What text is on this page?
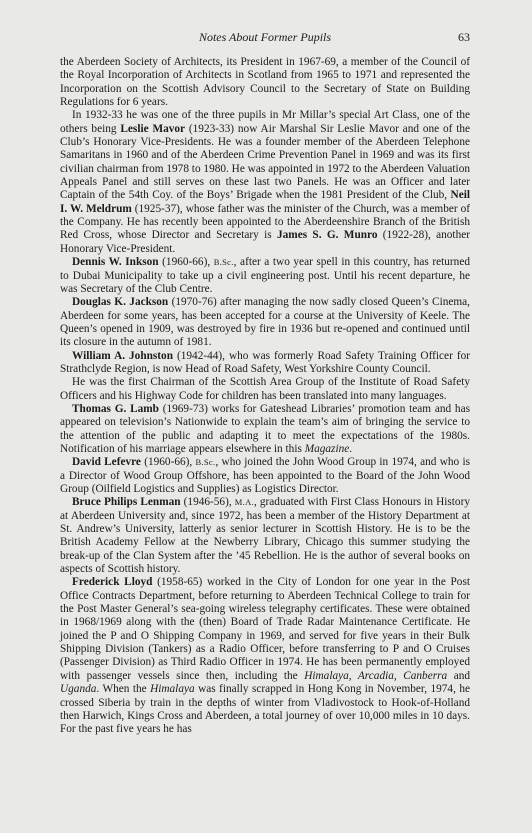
Notes About Former Pupils	63

the Aberdeen Society of Architects, its President in 1967-69, a member of the Council of the Royal Incorporation of Architects in Scotland from 1965 to 1971 and represented the Incorporation on the Scottish Advisory Council to the Secretary of State on Building Regulations for 6 years.

In 1932-33 he was one of the three pupils in Mr Millar’s special Art Class, one of the others being Leslie Mavor (1923-33) now Air Marshal Sir Leslie Mavor and one of the Club’s Honorary Vice-Presidents. He was a founder member of the Aberdeen Telephone Samaritans in 1960 and of the Aberdeen Crime Prevention Panel in 1969 and was its first civilian chairman from 1978 to 1980. He was appointed in 1972 to the Aberdeen Valuation Appeals Panel and still serves on these last two Panels. He was an Officer and later Captain of the 54th Coy. of the Boys’ Brigade when the 1981 President of the Club, Neil I. W. Meldrum (1925-37), whose father was the minister of the Church, was a member of the Company. He has recently been appointed to the Aberdeenshire Branch of the British Red Cross, whose Director and Secretary is James S. G. Munro (1922-28), another Honorary Vice-President.

Dennis W. Inkson (1960-66), B.Sc., after a two year spell in this country, has returned to Dubai Municipality to take up a civil engineering post. Until his recent departure, he was Secretary of the Club Centre.

Douglas K. Jackson (1970-76) after managing the now sadly closed Queen’s Cinema, Aberdeen for some years, has been accepted for a course at the University of Keele. The Queen’s opened in 1909, was destroyed by fire in 1936 but re-opened and continued until its closure in the autumn of 1981.

William A. Johnston (1942-44), who was formerly Road Safety Training Officer for Strathclyde Region, is now Head of Road Safety, West Yorkshire County Council.

He was the first Chairman of the Scottish Area Group of the Institute of Road Safety Officers and his Highway Code for children has been translated into many languages.

Thomas G. Lamb (1969-73) works for Gateshead Libraries’ promotion team and has appeared on television’s Nationwide to explain the team’s aim of bringing the service to the attention of the public and adapting it to meet the expectations of the 1980s. Notification of his marriage appears elsewhere in this Magazine.

David Lefevre (1960-66), B.Sc., who joined the John Wood Group in 1974, and who is a Director of Wood Group Offshore, has been appointed to the Board of the John Wood Group (Oilfield Logistics and Supplies) as Logistics Director.

Bruce Philips Lenman (1946-56), M.A., graduated with First Class Honours in History at Aberdeen University and, since 1972, has been a member of the History Department at St. Andrew’s University, latterly as senior lecturer in Scottish History. He is to be the British Academy Fellow at the Newberry Library, Chicago this summer studying the break-up of the Clan System after the ’45 Rebellion. He is the author of several books on aspects of Scottish history.

Frederick Lloyd (1958-65) worked in the City of London for one year in the Post Office Contracts Department, before returning to Aberdeen Technical College to train for the Post Master General’s sea-going wireless telegraphy certificates. These were obtained in 1968/1969 along with the (then) Board of Trade Radar Maintenance Certificate. He joined the P and O Shipping Company in 1969, and served for five years in their Bulk Shipping Division (Tankers) as a Radio Officer, before transferring to P and O Cruises (Passenger Division) as Third Radio Officer in 1974. He has been permanently employed with passenger vessels since then, including the Himalaya, Arcadia, Canberra and Uganda. When the Himalaya was finally scrapped in Hong Kong in November, 1974, he crossed Siberia by train in the depths of winter from Vladivostock to Hook-of-Holland then Harwich, Kings Cross and Aberdeen, a total journey of over 10,000 miles in 10 days. For the past five years he has
